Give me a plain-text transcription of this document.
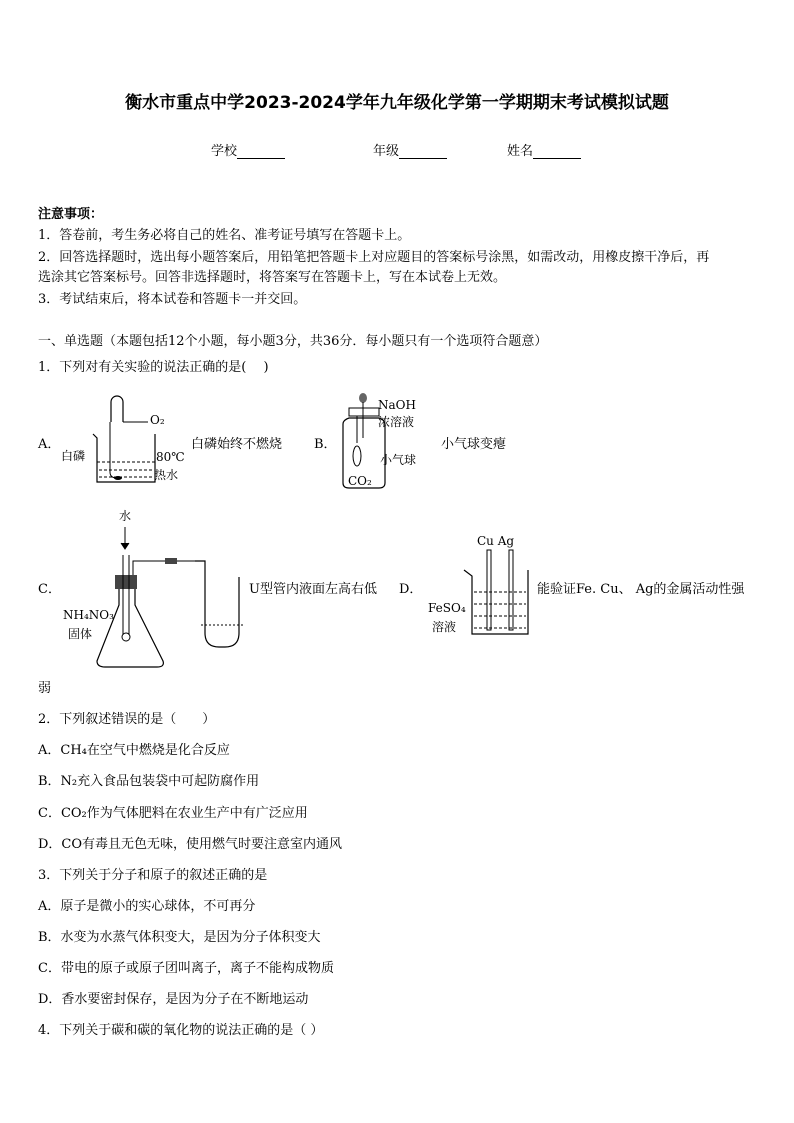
衡水市重点中学2023-2024学年九年级化学第一学期期末考试模拟试题
学校	年级	姓名
注意事项：
1．答卷前，考生务必将自己的姓名、准考证号填写在答题卡上。
2．回答选择题时，选出每小题答案后，用铅笔把答题卡上对应题目的答案标号涂黑，如需改动，用橡皮擦干净后，再
选涂其它答案标号。回答非选择题时，将答案写在答题卡上，写在本试卷上无效。
3．考试结束后，将本试卷和答题卡一并交回。
一、单选题（本题包括12个小题，每小题3分，共36分．每小题只有一个选项符合题意）
1．下列对有关实验的说法正确的是(　 )
A．
O₂
白磷	80℃
热水
白磷始终不燃烧 B．
NaOH
浓溶液
小气球
CO₂
小气球变瘪
C．
水
NH₄NO₃
固体
U型管内液面左高右低 D．
Cu Ag
FeSO₄
溶液
能验证Fe. Cu、 Ag的金属活动性强
弱
2．下列叙述错误的是（　　）
A．CH₄在空气中燃烧是化合反应
B．N₂充入食品包装袋中可起防腐作用
C．CO₂作为气体肥料在农业生产中有广泛应用
D．CO有毒且无色无味，使用燃气时要注意室内通风
3．下列关于分子和原子的叙述正确的是
A．原子是微小的实心球体，不可再分
B．水变为水蒸气体积变大，是因为分子体积变大
C．带电的原子或原子团叫离子，离子不能构成物质
D．香水要密封保存，是因为分子在不断地运动
4．下列关于碳和碳的氧化物的说法正确的是（ ）
